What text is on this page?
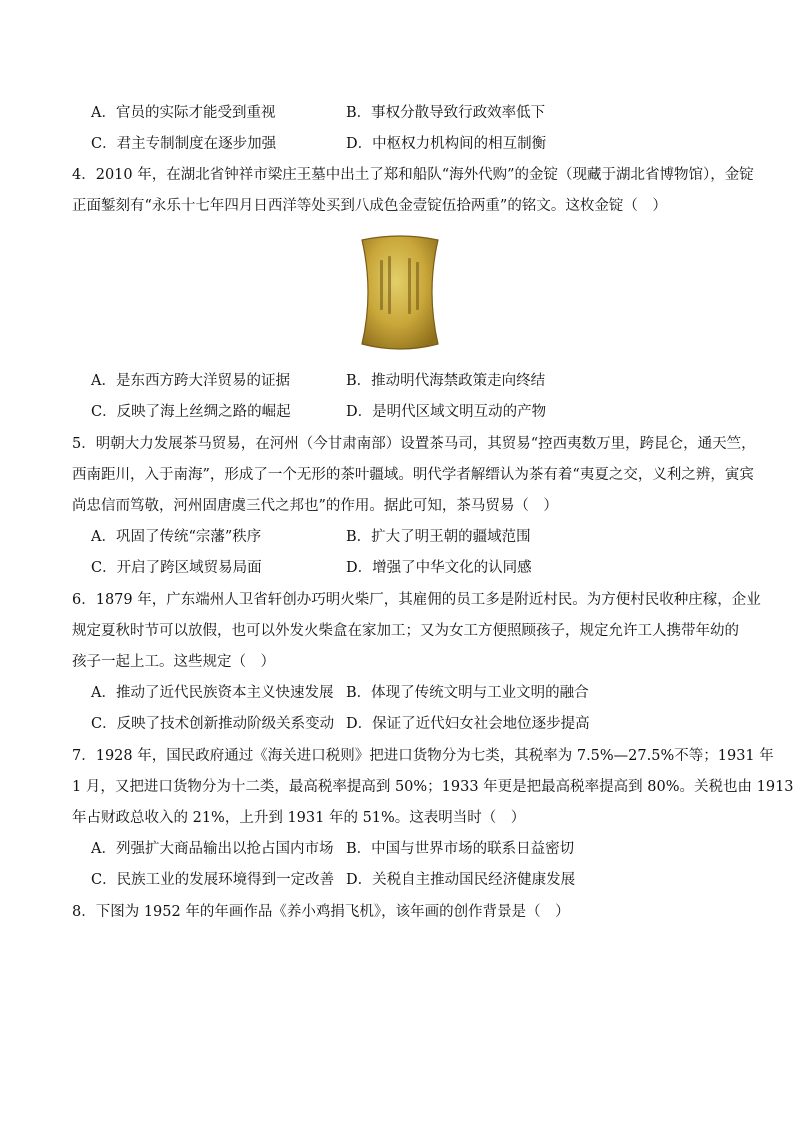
A．官员的实际才能受到重视	B．事权分散导致行政效率低下
C．君主专制制度在逐步加强	D．中枢权力机构间的相互制衡
4．2010 年，在湖北省钟祥市梁庄王墓中出土了郑和船队“海外代购”的金锭（现藏于湖北省博物馆），金锭
正面錾刻有“永乐十七年四月日西洋等处买到八成色金壹锭伍拾两重”的铭文。这枚金锭（　）
A．是东西方跨大洋贸易的证据	B．推动明代海禁政策走向终结
C．反映了海上丝绸之路的崛起	D．是明代区域文明互动的产物
5．明朝大力发展茶马贸易，在河州（今甘肃南部）设置茶马司，其贸易“控西夷数万里，跨昆仑，通天竺，
西南距川，入于南海”，形成了一个无形的茶叶疆域。明代学者解缙认为茶有着“夷夏之交，义利之辨，寅宾
尚忠信而笃敬，河州固唐虞三代之邦也”的作用。据此可知，茶马贸易（　）
A．巩固了传统“宗藩”秩序	B．扩大了明王朝的疆域范围
C．开启了跨区域贸易局面	D．增强了中华文化的认同感
6．1879 年，广东端州人卫省轩创办巧明火柴厂，其雇佣的员工多是附近村民。为方便村民收种庄稼，企业
规定夏秋时节可以放假，也可以外发火柴盒在家加工；又为女工方便照顾孩子，规定允许工人携带年幼的
孩子一起上工。这些规定（　）
A．推动了近代民族资本主义快速发展 B．体现了传统文明与工业文明的融合
C．反映了技术创新推动阶级关系变动 D．保证了近代妇女社会地位逐步提高
7．1928 年，国民政府通过《海关进口税则》把进口货物分为七类，其税率为 7.5%—27.5%不等；1931 年
1 月，又把进口货物分为十二类，最高税率提高到 50%；1933 年更是把最高税率提高到 80%。关税也由 1913
年占财政总收入的 21%，上升到 1931 年的 51%。这表明当时（　）
A．列强扩大商品输出以抢占国内市场 B．中国与世界市场的联系日益密切
C．民族工业的发展环境得到一定改善 D．关税自主推动国民经济健康发展
8．下图为 1952 年的年画作品《养小鸡捐飞机》，该年画的创作背景是（　）
